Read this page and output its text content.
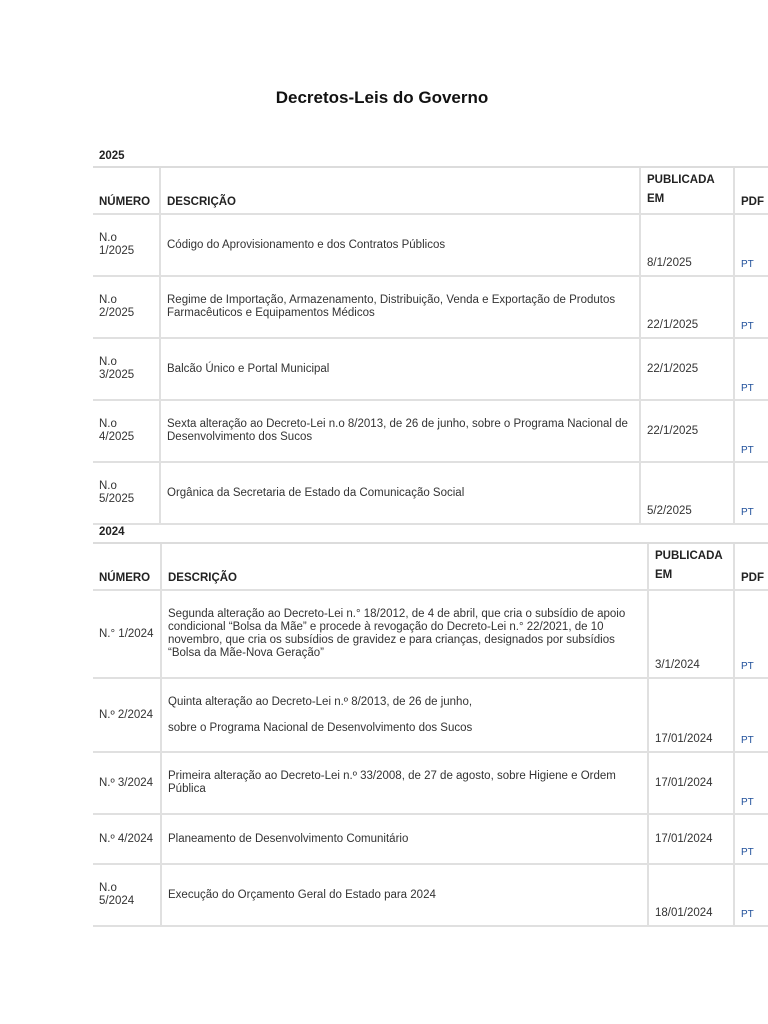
Decretos-Leis do Governo
2025
NÚMERO	DESCRIÇÃO	PUBLICADA EM	PDF
N.o 1/2025	Código do Aprovisionamento e dos Contratos Públicos	8/1/2025	PT
N.o 2/2025	Regime de Importação, Armazenamento, Distribuição, Venda e Exportação de Produtos Farmacêuticos e Equipamentos Médicos	22/1/2025	PT
N.o 3/2025	Balcão Único e Portal Municipal	22/1/2025	PT
N.o 4/2025	Sexta alteração ao Decreto-Lei n.o 8/2013, de 26 de junho, sobre o Programa Nacional de Desenvolvimento dos Sucos	22/1/2025	PT
N.o 5/2025	Orgânica da Secretaria de Estado da Comunicação Social	5/2/2025	PT
2024
NÚMERO	DESCRIÇÃO	PUBLICADA EM	PDF
N.° 1/2024	Segunda alteração ao Decreto-Lei n.° 18/2012, de 4 de abril, que cria o subsídio de apoio condicional “Bolsa da Mãe” e procede à revogação do Decreto-Lei n.° 22/2021, de 10 novembro, que cria os subsídios de gravidez e para crianças, designados por subsídios “Bolsa da Mãe-Nova Geração”	3/1/2024	PT
N.º 2/2024	Quinta alteração ao Decreto-Lei n.º 8/2013, de 26 de junho,
sobre o Programa Nacional de Desenvolvimento dos Sucos	17/01/2024	PT
N.º 3/2024	Primeira alteração ao Decreto-Lei n.º 33/2008, de 27 de agosto, sobre Higiene e Ordem Pública	17/01/2024	PT
N.º 4/2024	Planeamento de Desenvolvimento Comunitário	17/01/2024	PT
N.o 5/2024	Execução do Orçamento Geral do Estado para 2024	18/01/2024	PT
